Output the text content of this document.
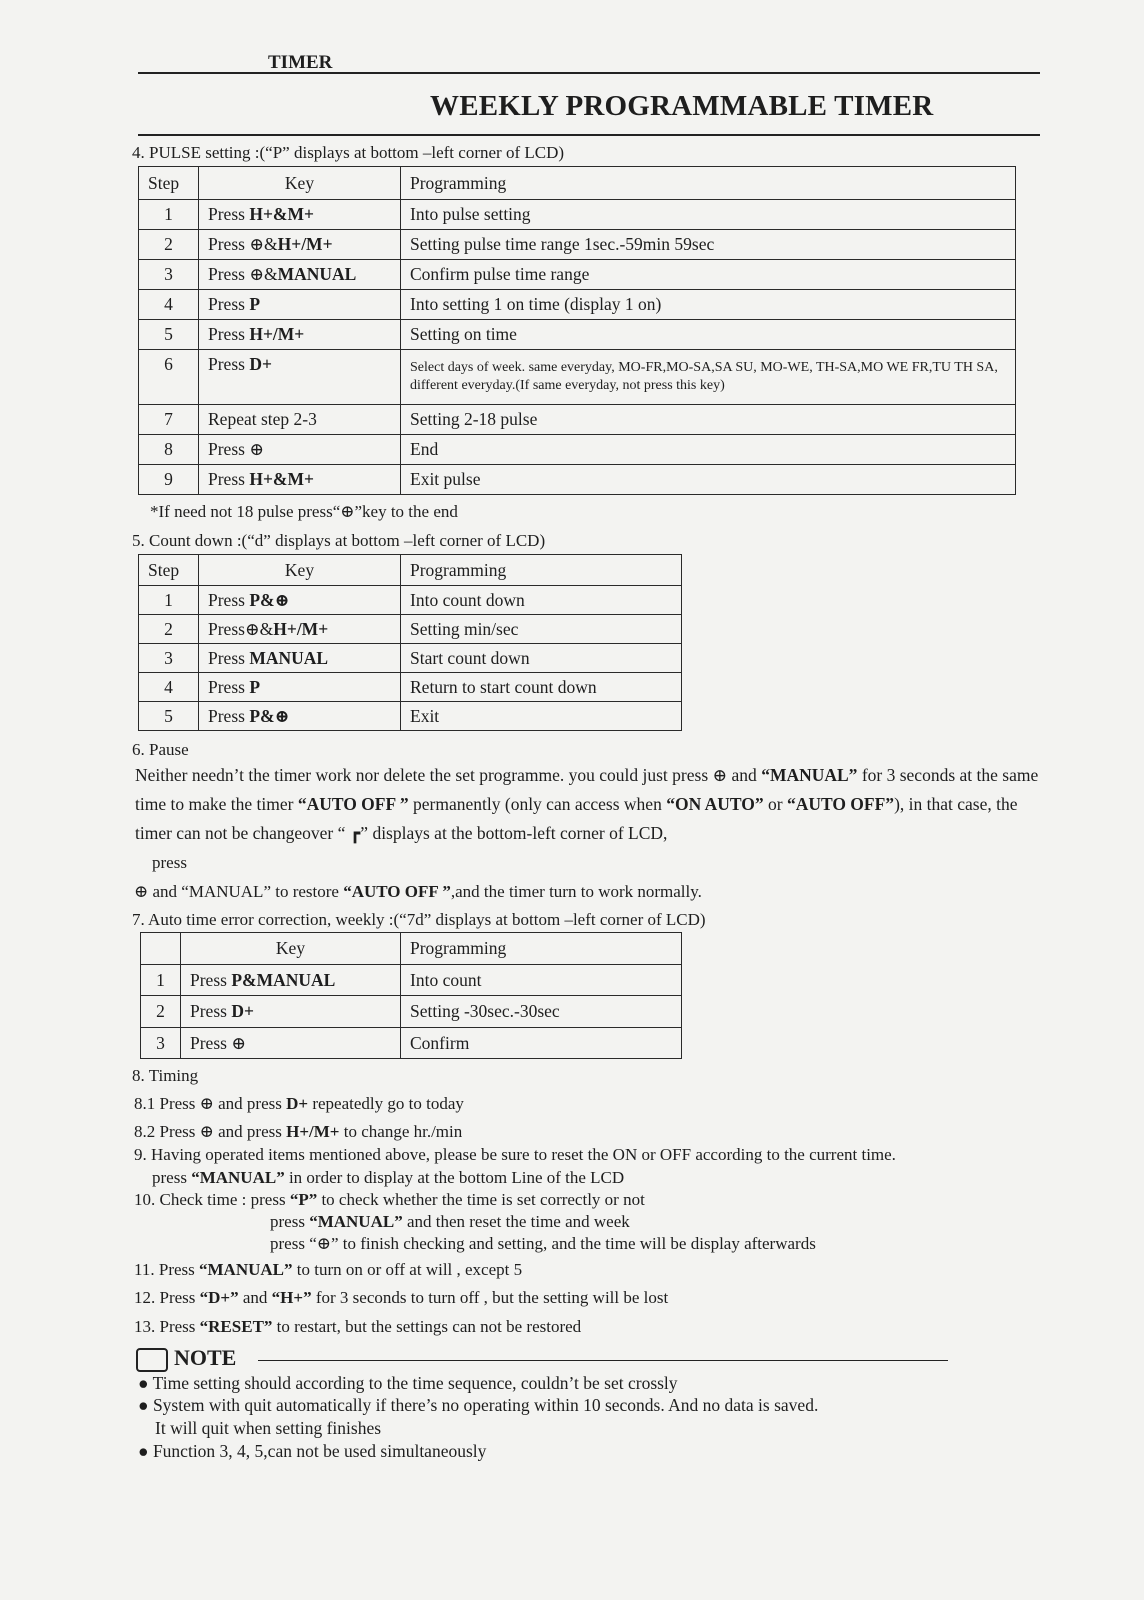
TIMER
WEEKLY PROGRAMMABLE TIMER
4. PULSE setting :(“P” displays at bottom –left corner of LCD)
Step	Key	Programming
1	Press H+&M+	Into pulse setting
2	Press ⊕&H+/M+	Setting pulse time range 1sec.-59min 59sec
3	Press ⊕&MANUAL	Confirm pulse time range
4	Press P	Into setting 1 on time (display 1 on)
5	Press H+/M+	Setting on time
6	Press D+	Select days of week. same everyday, MO-FR,MO-SA,SA SU, MO-WE, TH-SA,MO WE FR,TU TH SA, different everyday.(If same everyday, not press this key)

7	Repeat step 2-3	Setting 2-18 pulse
8	Press ⊕	End
9	Press H+&M+	Exit pulse
*If need not 18 pulse press“⊕”key to the end
5. Count down :(“d” displays at bottom –left corner of LCD)
Step	Key	Programming
1	Press P&⊕	Into count down
2	Press⊕&H+/M+	Setting min/sec
3	Press MANUAL	Start count down
4	Press P	Return to start count down
5	Press P&⊕	Exit
6. Pause
Neither needn’t the timer work nor delete the set programme. you could just press ⊕ and “MANUAL” for 3 seconds at the same time to make the timer “AUTO OFF ” permanently (only can access when “ON AUTO” or “AUTO OFF”), in that case, the timer can not be changeover “ ┏” displays at the bottom-left corner of LCD,
press
⊕ and “MANUAL” to restore “AUTO OFF ”,and the timer turn to work normally.
7. Auto time error correction, weekly :(“7d” displays at bottom –left corner of LCD)
	Key	Programming
1	Press P&MANUAL	Into count
2	Press D+	Setting -30sec.-30sec
3	Press ⊕	Confirm
8. Timing
8.1 Press ⊕ and press D+ repeatedly go to today
8.2 Press ⊕ and press H+/M+ to change hr./min
9. Having operated items mentioned above, please be sure to reset the ON or OFF according to the current time.
press “MANUAL” in order to display at the bottom Line of the LCD
10. Check time : press “P” to check whether the time is set correctly or not
press “MANUAL” and then reset the time and week
press “⊕” to finish checking and setting, and the time will be display afterwards
11. Press “MANUAL” to turn on or off at will , except 5
12. Press “D+” and “H+” for 3 seconds to turn off , but the setting will be lost
13. Press “RESET” to restart, but the settings can not be restored
NOTE
● Time setting should according to the time sequence, couldn’t be set crossly
● System with quit automatically if there’s no operating within 10 seconds. And no data is saved.
It will quit when setting finishes
● Function 3, 4, 5,can not be used simultaneously
